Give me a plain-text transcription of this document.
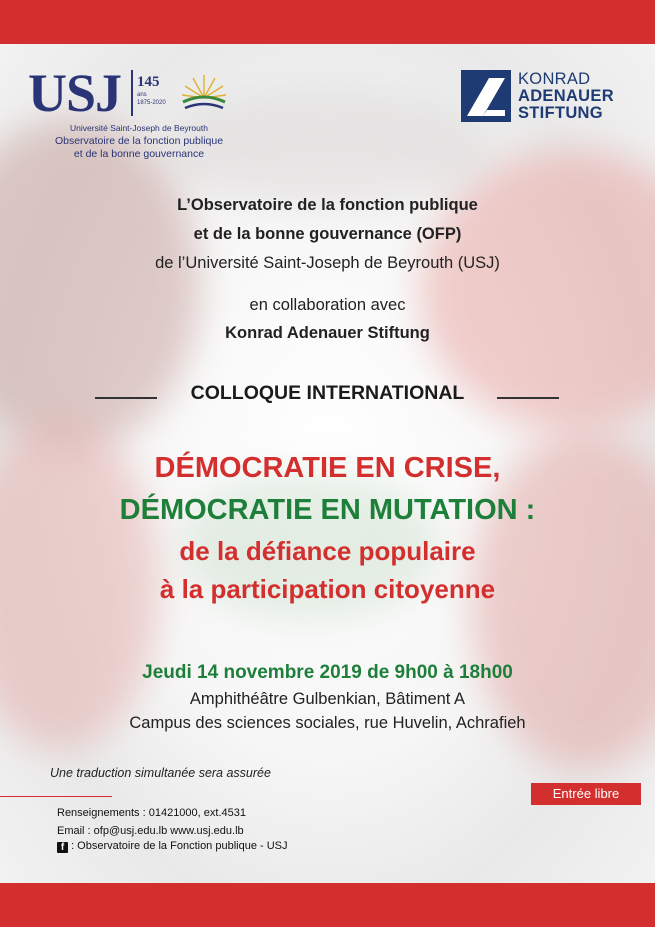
USJ 145
ans
1875-2020
Université Saint-Joseph de Beyrouth
Observatoire de la fonction publique
et de la bonne gouvernance
KONRAD
ADENAUER
STIFTUNG
L’Observatoire de la fonction publique
et de la bonne gouvernance (OFP)
de l’Université Saint-Joseph de Beyrouth (USJ)
en collaboration avec
Konrad Adenauer Stiftung
COLLOQUE INTERNATIONAL
DÉMOCRATIE EN CRISE,
DÉMOCRATIE EN MUTATION :
de la défiance populaire
à la participation citoyenne
Jeudi 14 novembre 2019 de 9h00 à 18h00
Amphithéâtre Gulbenkian, Bâtiment A
Campus des sciences sociales, rue Huvelin, Achrafieh
Une traduction simultanée sera assurée
Entrée libre
Renseignements : 01421000, ext.4531
Email : ofp@usj.edu.lb www.usj.edu.lb
f : Observatoire de la Fonction publique - USJ
